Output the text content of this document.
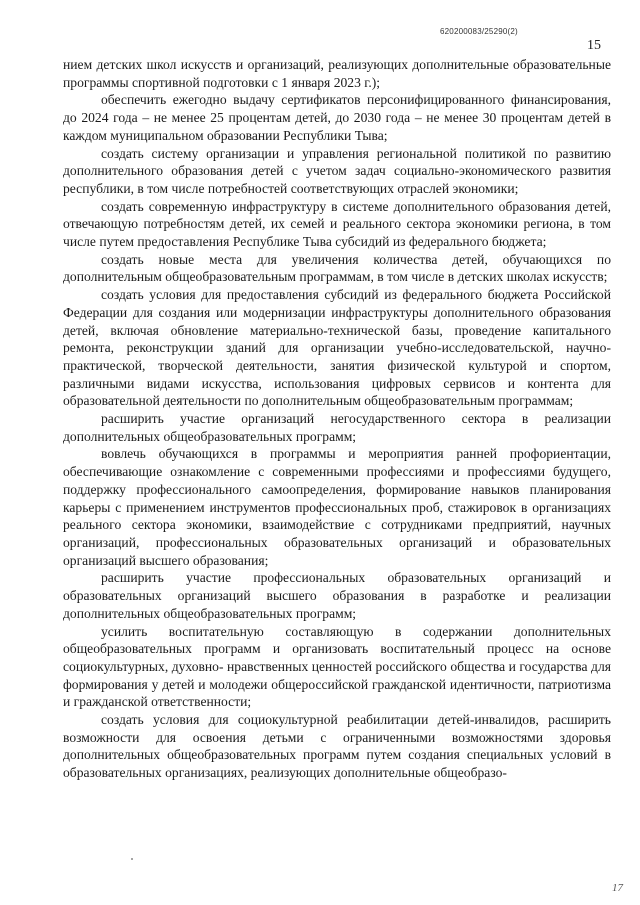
620200083/25290(2)
15

нием детских школ искусств и организаций, реализующих дополнительные образовательные программы спортивной подготовки с 1 января 2023 г.);

обеспечить ежегодно выдачу сертификатов персонифицированного финансирования, до 2024 года – не менее 25 процентам детей, до 2030 года – не менее 30 процентам детей в каждом муниципальном образовании Республики Тыва;

создать систему организации и управления региональной политикой по развитию дополнительного образования детей с учетом задач социально-экономического развития республики, в том числе потребностей соответствующих отраслей экономики;

создать современную инфраструктуру в системе дополнительного образования детей, отвечающую потребностям детей, их семей и реального сектора экономики региона, в том числе путем предоставления Республике Тыва субсидий из федерального бюджета;

создать новые места для увеличения количества детей, обучающихся по дополнительным общеобразовательным программам, в том числе в детских школах искусств;

создать условия для предоставления субсидий из федерального бюджета Российской Федерации для создания или модернизации инфраструктуры дополнительного образования детей, включая обновление материально-технической базы, проведение капитального ремонта, реконструкции зданий для организации учебно-исследовательской, научно-практической, творческой деятельности, занятия физической культурой и спортом, различными видами искусства, использования цифровых сервисов и контента для образовательной деятельности по дополнительным общеобразовательным программам;

расширить участие организаций негосударственного сектора в реализации дополнительных общеобразовательных программ;

вовлечь обучающихся в программы и мероприятия ранней профориентации, обеспечивающие ознакомление с современными профессиями и профессиями будущего, поддержку профессионального самоопределения, формирование навыков планирования карьеры с применением инструментов профессиональных проб, стажировок в организациях реального сектора экономики, взаимодействие с сотрудниками предприятий, научных организаций, профессиональных образовательных организаций и образовательных организаций высшего образования;

расширить участие профессиональных образовательных организаций и образовательных организаций высшего образования в разработке и реализации дополнительных общеобразовательных программ;

усилить воспитательную составляющую в содержании дополнительных общеобразовательных программ и организовать воспитательный процесс на основе социокультурных, духовно- нравственных ценностей российского общества и государства для формирования у детей и молодежи общероссийской гражданской идентичности, патриотизма и гражданской ответственности;

создать условия для социокультурной реабилитации детей-инвалидов, расширить возможности для освоения детьми с ограниченными возможностями здоровья дополнительных общеобразовательных программ путем создания специальных условий в образовательных организациях, реализующих дополнительные общеобразо-

17
